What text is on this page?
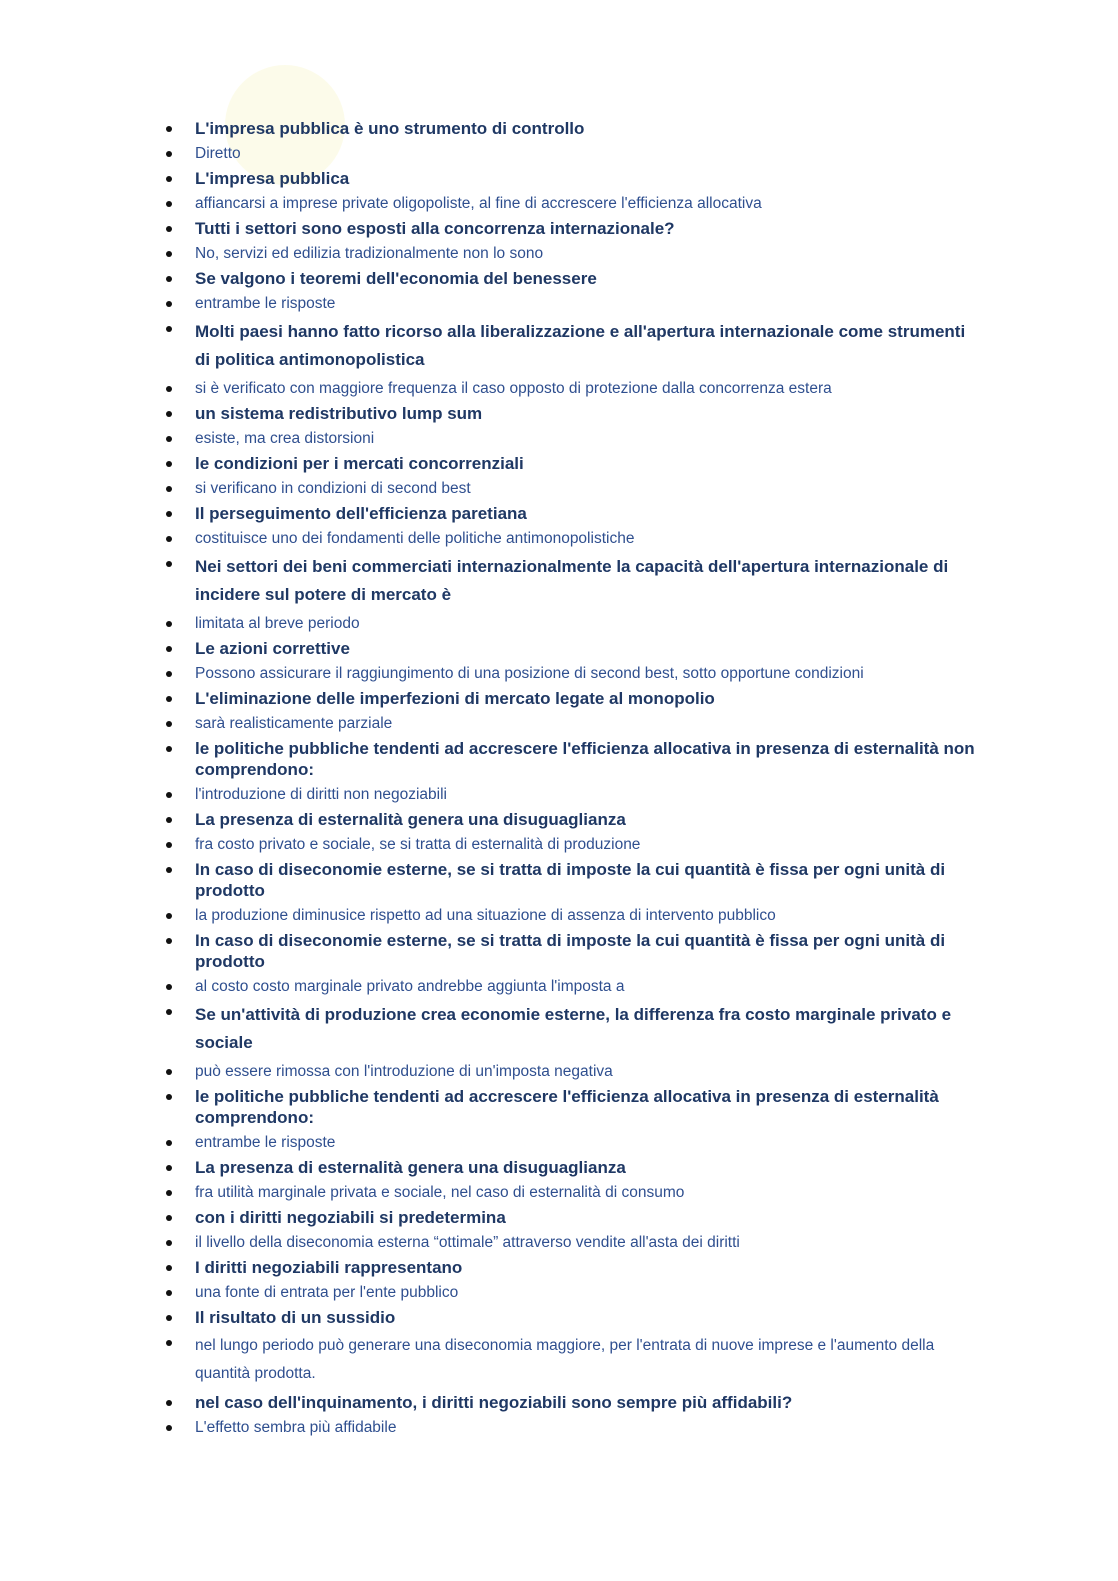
L'impresa pubblica è uno strumento di controllo
Diretto
L'impresa pubblica
affiancarsi a imprese private oligopoliste, al fine di accrescere l'efficienza allocativa
Tutti i settori sono esposti alla concorrenza internazionale?
No, servizi ed edilizia tradizionalmente non lo sono
Se valgono i teoremi dell'economia del benessere
entrambe le risposte
Molti paesi hanno fatto ricorso alla liberalizzazione e all'apertura internazionale come strumenti di politica antimonopolistica
si è verificato con maggiore frequenza il caso opposto di protezione dalla concorrenza estera
un sistema redistributivo lump sum
esiste, ma crea distorsioni
le condizioni per i mercati concorrenziali
si verificano in condizioni di second best
Il perseguimento dell'efficienza paretiana
costituisce uno dei fondamenti delle politiche antimonopolistiche
Nei settori dei beni commerciati internazionalmente la capacità dell'apertura internazionale di incidere sul potere di mercato è
limitata al breve periodo
Le azioni correttive
Possono assicurare il raggiungimento di una posizione di second best, sotto opportune condizioni
L'eliminazione delle imperfezioni di mercato legate al monopolio
sarà realisticamente parziale
le politiche pubbliche tendenti ad accrescere l'efficienza allocativa in presenza di esternalità non comprendono:
l'introduzione di diritti non negoziabili
La presenza di esternalità genera una disuguaglianza
fra costo privato e sociale, se si tratta di esternalità di produzione
In caso di diseconomie esterne, se si tratta di imposte la cui quantità è fissa per ogni unità di prodotto
la produzione diminusice rispetto ad una situazione di assenza di intervento pubblico
In caso di diseconomie esterne, se si tratta di imposte la cui quantità è fissa per ogni unità di prodotto
al costo costo marginale privato andrebbe aggiunta l'imposta a
Se un'attività di produzione crea economie esterne, la differenza fra costo marginale privato e sociale
può essere rimossa con l'introduzione di un'imposta negativa
le politiche pubbliche tendenti ad accrescere l'efficienza allocativa in presenza di esternalità comprendono:
entrambe le risposte
La presenza di esternalità genera una disuguaglianza
fra utilità marginale privata e sociale, nel caso di esternalità di consumo
con i diritti negoziabili si predetermina
il livello della diseconomia esterna “ottimale” attraverso vendite all'asta dei diritti
I diritti negoziabili rappresentano
una fonte di entrata per l'ente pubblico
Il risultato di un sussidio
nel lungo periodo può generare una diseconomia maggiore, per l'entrata di nuove imprese e l'aumento della quantità prodotta.
nel caso dell'inquinamento, i diritti negoziabili sono sempre più affidabili?
L'effetto sembra più affidabile
